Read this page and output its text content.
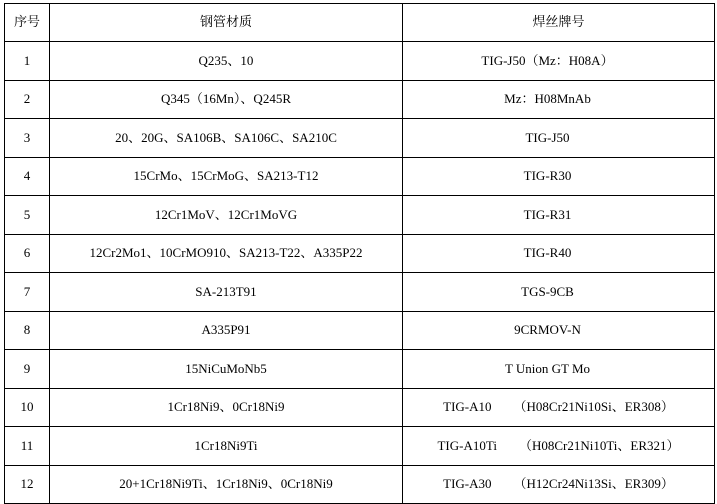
序号	钢管材质	焊丝牌号
1	Q235、10	TIG-J50（Mz：H08A）

2	Q345（16Mn）、Q245R	Mz：H08MnAb

3	20、20G、SA106B、SA106C、SA210C	TIG-J50

4	15CrMo、15CrMoG、SA213-T12	TIG-R30

5	12Cr1MoV、12Cr1MoVG	TIG-R31

6	12Cr2Mo1、10CrMO910、SA213-T22、A335P22	TIG-R40

7	SA-213T91	TGS-9CB

8	A335P91	9CRMOV-N

9	15NiCuMoNb5	T Union GT Mo

10	1Cr18Ni9、0Cr18Ni9	TIG-A10 （H08Cr21Ni10Si、ER308）

11	1Cr18Ni9Ti	TIG-A10Ti （H08Cr21Ni10Ti、ER321）

12	20+1Cr18Ni9Ti、1Cr18Ni9、0Cr18Ni9	TIG-A30 （H12Cr24Ni13Si、ER309）
